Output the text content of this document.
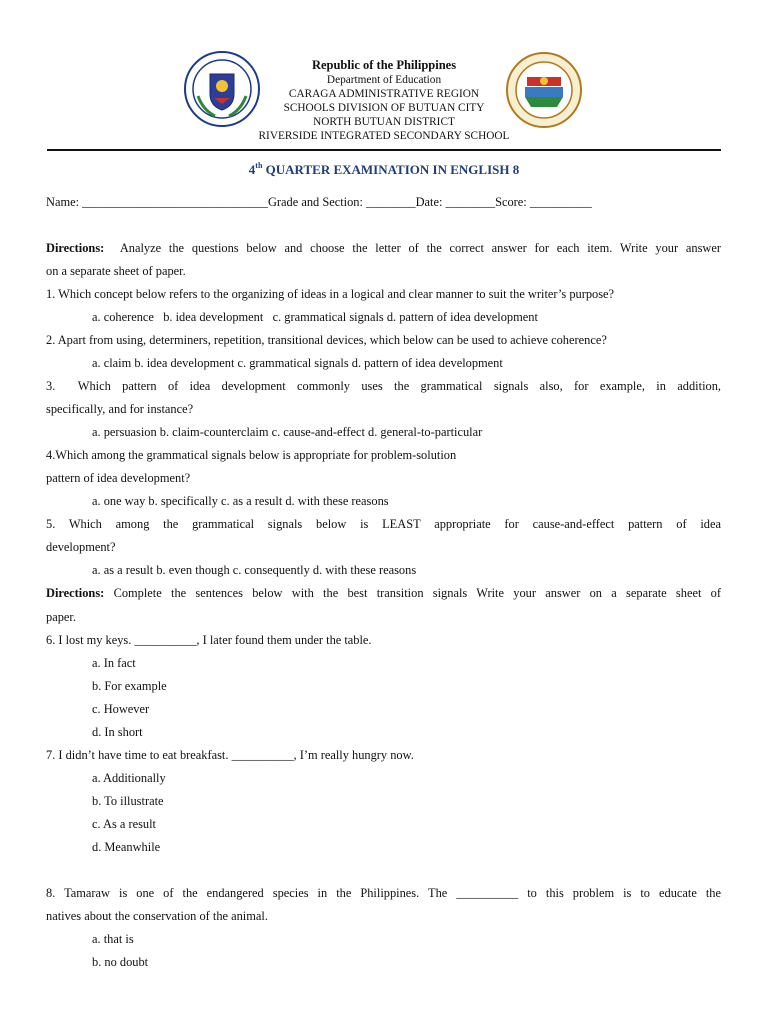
Republic of the Philippines
Department of Education
CARAGA ADMINISTRATIVE REGION
SCHOOLS DIVISION OF BUTUAN CITY
NORTH BUTUAN DISTRICT
RIVERSIDE INTEGRATED SECONDARY SCHOOL
4th QUARTER EXAMINATION IN ENGLISH 8
Name: ______________________________Grade and Section: ________Date: ________Score: __________
Directions: Analyze the questions below and choose the letter of the correct answer for each item. Write your answer
on a separate sheet of paper.
1. Which concept below refers to the organizing of ideas in a logical and clear manner to suit the writer’s purpose?
a. coherence   b. idea development   c. grammatical signals d. pattern of idea development
2. Apart from using, determiners, repetition, transitional devices, which below can be used to achieve coherence?
a. claim b. idea development c. grammatical signals d. pattern of idea development
3.  Which pattern of idea development commonly uses the grammatical signals also, for example, in addition,
specifically, and for instance?
a. persuasion b. claim-counterclaim c. cause-and-effect d. general-to-particular
4.Which among the grammatical signals below is appropriate for problem-solution
pattern of idea development?
a. one way b. specifically c. as a result d. with these reasons
5. Which among the grammatical signals below is LEAST appropriate for cause-and-effect pattern of idea
development?
a. as a result b. even though c. consequently d. with these reasons
Directions: Complete the sentences below with the best transition signals Write your answer on a separate sheet of
paper.
6. I lost my keys. __________, I later found them under the table.
a. In fact
b. For example
c. However
d. In short
7. I didn’t have time to eat breakfast. __________, I’m really hungry now.
a. Additionally
b. To illustrate
c. As a result
d. Meanwhile
8. Tamaraw is one of the endangered species in the Philippines. The __________ to this problem is to educate the
natives about the conservation of the animal.
a. that is
b. no doubt
